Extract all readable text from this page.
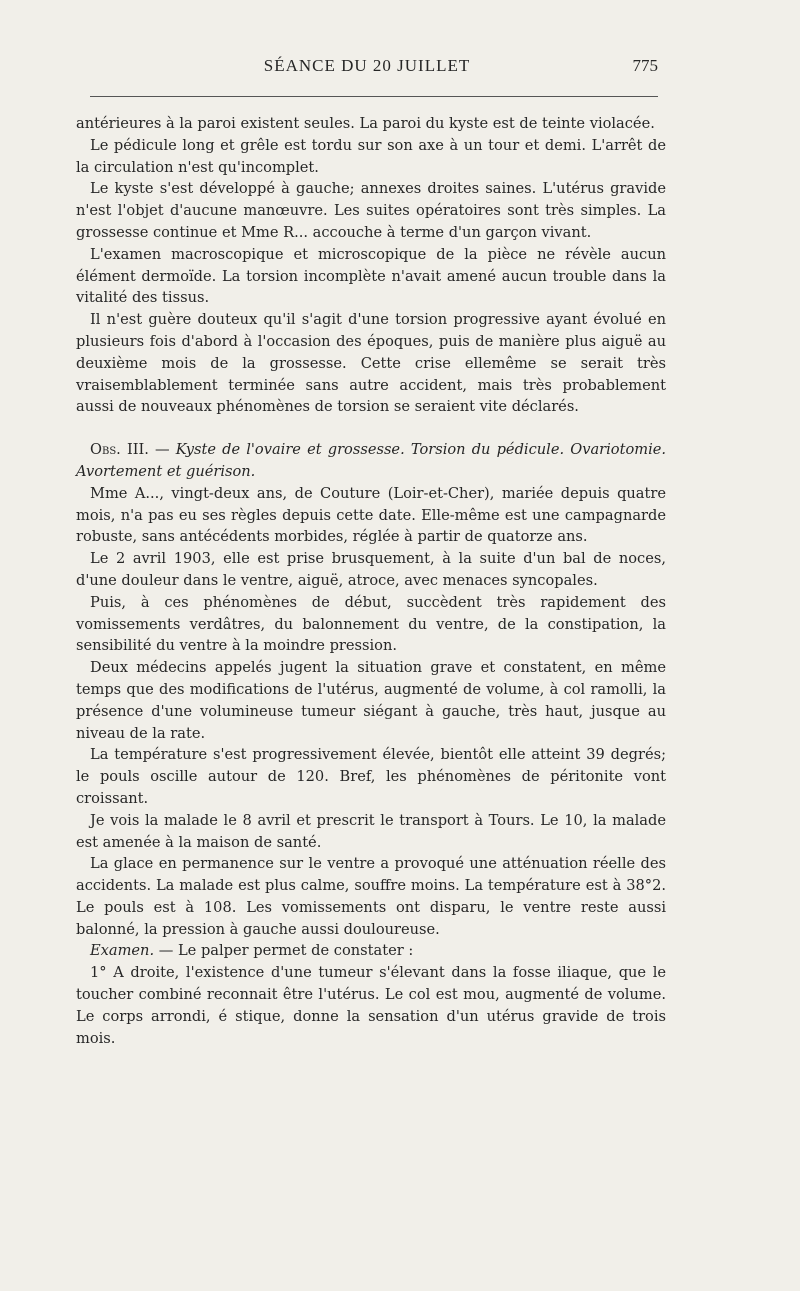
SÉANCE DU 20 JUILLET	775

antérieures à la paroi existent seules. La paroi du kyste est de teinte violacée.

Le pédicule long et grêle est tordu sur son axe à un tour et demi. L'arrêt de la circulation n'est qu'incomplet.

Le kyste s'est développé à gauche; annexes droites saines. L'utérus gravide n'est l'objet d'aucune manœuvre. Les suites opératoires sont très simples. La grossesse continue et Mme R... accouche à terme d'un garçon vivant.

L'examen macroscopique et microscopique de la pièce ne révèle aucun élément dermoïde. La torsion incomplète n'avait amené aucun trouble dans la vitalité des tissus.

Il n'est guère douteux qu'il s'agit d'une torsion progressive ayant évolué en plusieurs fois d'abord à l'occasion des époques, puis de manière plus aiguë au deuxième mois de la grossesse. Cette crise ellemême se serait très vraisemblablement terminée sans autre accident, mais très probablement aussi de nouveaux phénomènes de torsion se seraient vite déclarés.

Obs. III. — Kyste de l'ovaire et grossesse. Torsion du pédicule. Ovariotomie. Avortement et guérison.

Mme A..., vingt-deux ans, de Couture (Loir-et-Cher), mariée depuis quatre mois, n'a pas eu ses règles depuis cette date. Elle-même est une campagnarde robuste, sans antécédents morbides, réglée à partir de quatorze ans.

Le 2 avril 1903, elle est prise brusquement, à la suite d'un bal de noces, d'une douleur dans le ventre, aiguë, atroce, avec menaces syncopales.

Puis, à ces phénomènes de début, succèdent très rapidement des vomissements verdâtres, du balonnement du ventre, de la constipation, la sensibilité du ventre à la moindre pression.

Deux médecins appelés jugent la situation grave et constatent, en même temps que des modifications de l'utérus, augmenté de volume, à col ramolli, la présence d'une volumineuse tumeur siégant à gauche, très haut, jusque au niveau de la rate.

La température s'est progressivement élevée, bientôt elle atteint 39 degrés; le pouls oscille autour de 120. Bref, les phénomènes de péritonite vont croissant.

Je vois la malade le 8 avril et prescrit le transport à Tours. Le 10, la malade est amenée à la maison de santé.

La glace en permanence sur le ventre a provoqué une atténuation réelle des accidents. La malade est plus calme, souffre moins. La température est à 38°2. Le pouls est à 108. Les vomissements ont disparu, le ventre reste aussi balonné, la pression à gauche aussi douloureuse.

Examen. — Le palper permet de constater :

1° A droite, l'existence d'une tumeur s'élevant dans la fosse iliaque, que le toucher combiné reconnait être l'utérus. Le col est mou, augmenté de volume. Le corps arrondi, é stique, donne la sensation d'un utérus gravide de trois mois.
